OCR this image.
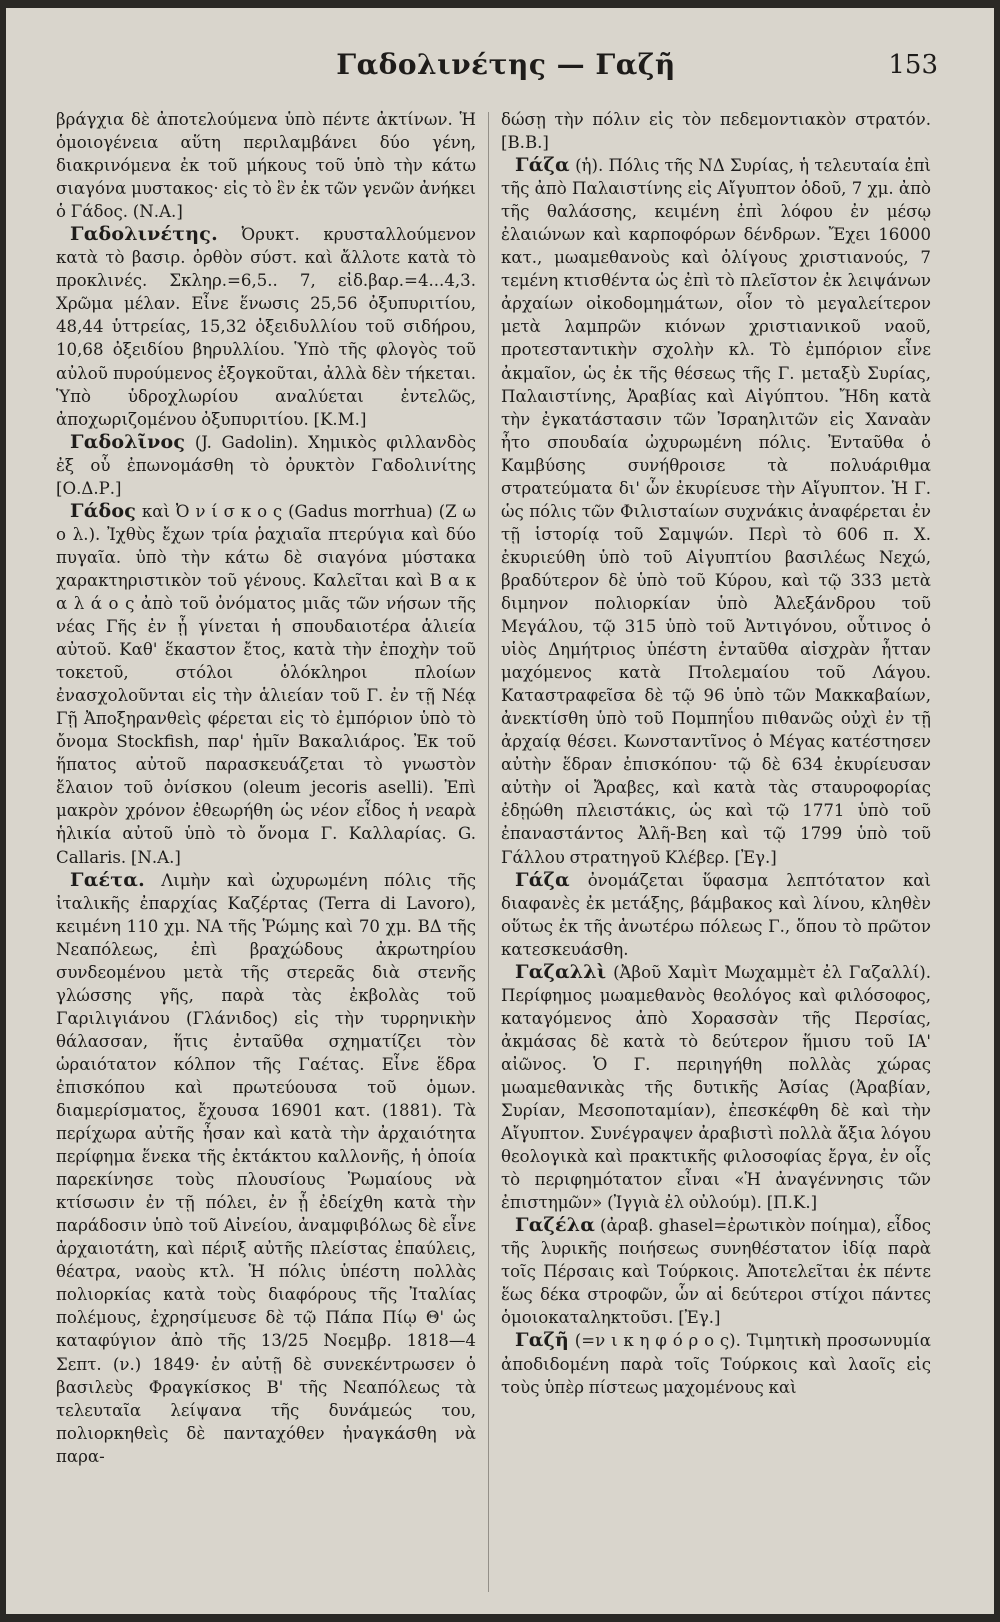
Γαδολινέτης — Γαζῆ	153

βράγχια δὲ ἀποτελούμενα ὑπὸ πέντε ἀκτίνων. Ἡ ὁμοιογένεια αὕτη περιλαμβάνει δύο γένη, διακρινόμενα ἐκ τοῦ μήκους τοῦ ὑπὸ τὴν κάτω σιαγόνα μυστακος· εἰς τὸ ἓν ἐκ τῶν γενῶν ἀνήκει ὁ Γάδος. (Ν.Α.]

Γαδολινέτης. Ὀρυκτ. κρυσταλλούμενον κατὰ τὸ βασιρ. ὀρθὸν σύστ. καὶ ἄλλοτε κατὰ τὸ προκλινές. Σκληρ.=6,5.. 7, εἰδ.βαρ.=4...4,3. Χρῶμα μέλαν. Εἶνε ἕνωσις 25,56 ὀξυπυριτίου, 48,44 ὑττρείας, 15,32 ὀξειδυλλίου τοῦ σιδήρου, 10,68 ὀξειδίου βηρυλλίου. Ὑπὸ τῆς φλογὸς τοῦ αὐλοῦ πυρούμενος ἐξογκοῦται, ἀλλὰ δὲν τήκεται. Ὑπὸ ὑδροχλωρίου αναλύεται ἐντελῶς, ἀποχωριζομένου ὀξυπυριτίου. [Κ.Μ.]

Γαδολῖνος (J. Gadolin). Χημικὸς φιλλανδὸς ἐξ οὗ ἐπωνομάσθη τὸ ὀρυκτὸν Γαδολινίτης [Ο.Δ.Ρ.]

Γάδος καὶ Ὀ ν ί σ κ ο ς (Gadus morrhua) (Ζ ω ο λ.). Ἰχθὺς ἔχων τρία ῥαχιαῖα πτερύγια καὶ δύο πυγαῖα. ὑπὸ τὴν κάτω δὲ σιαγόνα μύστακα χαρακτηριστικὸν τοῦ γένους. Καλεῖται καὶ Β α κ α λ ά ο ς ἀπὸ τοῦ ὀνόματος μιᾶς τῶν νήσων τῆς νέας Γῆς ἐν ᾗ γίνεται ἡ σπουδαιοτέρα ἁλιεία αὐτοῦ. Καθ' ἕκαστον ἔτος, κατὰ τὴν ἐποχὴν τοῦ τοκετοῦ, στόλοι ὁλόκληροι πλοίων ἐνασχολοῦνται εἰς τὴν ἁλιείαν τοῦ Γ. ἐν τῇ Νέᾳ Γῇ Ἀποξηρανθεὶς φέρεται εἰς τὸ ἐμπόριον ὑπὸ τὸ ὄνομα Stockfish, παρ' ἡμῖν Βακαλιάρος. Ἐκ τοῦ ἥπατος αὐτοῦ παρασκευάζεται τὸ γνωστὸν ἔλαιον τοῦ ὀνίσκου (oleum jecoris aselli). Ἐπὶ μακρὸν χρόνον ἐθεωρήθη ὡς νέον εἶδος ἡ νεαρὰ ἡλικία αὐτοῦ ὑπὸ τὸ ὄνομα Γ. Καλλαρίας. G. Callaris. [Ν.Α.]

Γαέτα. Λιμὴν καὶ ὠχυρωμένη πόλις τῆς ἰταλικῆς ἐπαρχίας Καζέρτας (Terra di Lavoro), κειμένη 110 χμ. ΝΑ τῆς Ῥώμης καὶ 70 χμ. ΒΔ τῆς Νεαπόλεως, ἐπὶ βραχώδους ἀκρωτηρίου συνδεομένου μετὰ τῆς στερεᾶς διὰ στενῆς γλώσσης γῆς, παρὰ τὰς ἐκβολὰς τοῦ Γαριλιγιάνου (Γλάνιδος) εἰς τὴν τυρρηνικὴν θάλασσαν, ἥτις ἐνταῦθα σχηματίζει τὸν ὡραιότατον κόλπον τῆς Γαέτας. Εἶνε ἕδρα ἐπισκόπου καὶ πρωτεύουσα τοῦ ὁμων. διαμερίσματος, ἔχουσα 16901 κατ. (1881). Τὰ περίχωρα αὐτῆς ἦσαν καὶ κατὰ τὴν ἀρχαιότητα περίφημα ἕνεκα τῆς ἐκτάκτου καλλονῆς, ἡ ὁποία παρεκίνησε τοὺς πλουσίους Ῥωμαίους νὰ κτίσωσιν ἐν τῇ πόλει, ἐν ᾗ ἐδείχθη κατὰ τὴν παράδοσιν ὑπὸ τοῦ Αἰνείου, ἀναμφιβόλως δὲ εἶνε ἀρχαιοτάτη, καὶ πέριξ αὐτῆς πλείστας ἐπαύλεις, θέατρα, ναοὺς κτλ. Ἡ πόλις ὑπέστη πολλὰς πολιορκίας κατὰ τοὺς διαφόρους τῆς Ἰταλίας πολέμους, ἐχρησίμευσε δὲ τῷ Πάπα Πίῳ Θ' ὡς καταφύγιον ἀπὸ τῆς 13/25 Νοεμβρ. 1818—4 Σεπτ. (ν.) 1849· ἐν αὐτῇ δὲ συνεκέντρωσεν ὁ βασιλεὺς Φραγκίσκος Β' τῆς Νεαπόλεως τὰ τελευταῖα λείψανα τῆς δυνάμεώς του, πολιορκηθεὶς δὲ πανταχόθεν ἠναγκάσθη νὰ παρα-

δώσῃ τὴν πόλιν εἰς τὸν πεδεμοντιακὸν στρατόν. [Β.Β.]

Γάζα (ἡ). Πόλις τῆς ΝΔ Συρίας, ἡ τελευταία ἐπὶ τῆς ἀπὸ Παλαιστίνης εἰς Αἴγυπτον ὁδοῦ, 7 χμ. ἀπὸ τῆς θαλάσσης, κειμένη ἐπὶ λόφου ἐν μέσῳ ἐλαιώνων καὶ καρποφόρων δένδρων. Ἔχει 16000 κατ., μωαμεθανοὺς καὶ ὀλίγους χριστιανούς, 7 τεμένη κτισθέντα ὡς ἐπὶ τὸ πλεῖστον ἐκ λειψάνων ἀρχαίων οἰκοδομημάτων, οἷον τὸ μεγαλείτερον μετὰ λαμπρῶν κιόνων χριστιανικοῦ ναοῦ, προτεσταντικὴν σχολὴν κλ. Τὸ ἐμπόριον εἶνε ἀκμαῖον, ὡς ἐκ τῆς θέσεως τῆς Γ. μεταξὺ Συρίας, Παλαιστίνης, Ἀραβίας καὶ Αἰγύπτου. Ἤδη κατὰ τὴν ἐγκατάστασιν τῶν Ἰσραηλιτῶν εἰς Χαναὰν ἦτο σπουδαία ὠχυρωμένη πόλις. Ἐνταῦθα ὁ Καμβύσης συνήθροισε τὰ πολυάριθμα στρατεύματα δι' ὧν ἐκυρίευσε τὴν Αἴγυπτον. Ἡ Γ. ὡς πόλις τῶν Φιλισταίων συχνάκις ἀναφέρεται ἐν τῇ ἱστορίᾳ τοῦ Σαμψών. Περὶ τὸ 606 π. Χ. ἐκυριεύθη ὑπὸ τοῦ Αἰγυπτίου βασιλέως Νεχώ, βραδύτερον δὲ ὑπὸ τοῦ Κύρου, καὶ τῷ 333 μετὰ διμηνον πολιορκίαν ὑπὸ Ἀλεξάνδρου τοῦ Μεγάλου, τῷ 315 ὑπὸ τοῦ Ἀντιγόνου, οὗτινος ὁ υἱὸς Δημήτριος ὑπέστη ἐνταῦθα αἰσχρὰν ἧτταν μαχόμενος κατὰ Πτολεμαίου τοῦ Λάγου. Καταστραφεῖσα δὲ τῷ 96 ὑπὸ τῶν Μακκαβαίων, ἀνεκτίσθη ὑπὸ τοῦ Πομπηΐου πιθανῶς οὐχὶ ἐν τῇ ἀρχαίᾳ θέσει. Κωνσταντῖνος ὁ Μέγας κατέστησεν αὐτὴν ἕδραν ἐπισκόπου· τῷ δὲ 634 ἐκυρίευσαν αὐτὴν οἱ Ἄραβες, καὶ κατὰ τὰς σταυροφορίας ἐδῃώθη πλειστάκις, ὡς καὶ τῷ 1771 ὑπὸ τοῦ ἐπαναστάντος Ἀλῆ-Βεη καὶ τῷ 1799 ὑπὸ τοῦ Γάλλου στρατηγοῦ Κλέβερ. [Ἐγ.]

Γάζα ὀνομάζεται ὕφασμα λεπτότατον καὶ διαφανὲς ἐκ μετάξης, βάμβακος καὶ λίνου, κληθὲν οὕτως ἐκ τῆς ἀνωτέρω πόλεως Γ., ὅπου τὸ πρῶτον κατεσκευάσθη.

Γαζαλλὶ (Ἀβοῦ Χαμὶτ Μωχαμμὲτ ἐλ Γαζαλλί). Περίφημος μωαμεθανὸς θεολόγος καὶ φιλόσοφος, καταγόμενος ἀπὸ Χορασσὰν τῆς Περσίας, ἀκμάσας δὲ κατὰ τὸ δεύτερον ἥμισυ τοῦ ΙΑ' αἰῶνος. Ὁ Γ. περιηγήθη πολλὰς χώρας μωαμεθανικὰς τῆς δυτικῆς Ἀσίας (Ἀραβίαν, Συρίαν, Μεσοποταμίαν), ἐπεσκέφθη δὲ καὶ τὴν Αἴγυπτον. Συνέγραψεν ἀραβιστὶ πολλὰ ἄξια λόγου θεολογικὰ καὶ πρακτικῆς φιλοσοφίας ἔργα, ἐν οἷς τὸ περιφημότατον εἶναι «Ἡ ἀναγέννησις τῶν ἐπιστημῶν» (Ἰγγιὰ ἐλ οὐλούμ). [Π.Κ.]

Γαζέλα (ἀραβ. ghasel=ἐρωτικὸν ποίημα), εἶδος τῆς λυρικῆς ποιήσεως συνηθέστατον ἰδίᾳ παρὰ τοῖς Πέρσαις καὶ Τούρκοις. Ἀποτελεῖται ἐκ πέντε ἕως δέκα στροφῶν, ὧν αἱ δεύτεροι στίχοι πάντες ὁμοιοκαταληκτοῦσι. [Ἐγ.]

Γαζῆ (=ν ι κ η φ ό ρ ο ς). Τιμητικὴ προσωνυμία ἀποδιδομένη παρὰ τοῖς Τούρκοις καὶ λαοῖς εἰς τοὺς ὑπὲρ πίστεως μαχομένους καὶ
